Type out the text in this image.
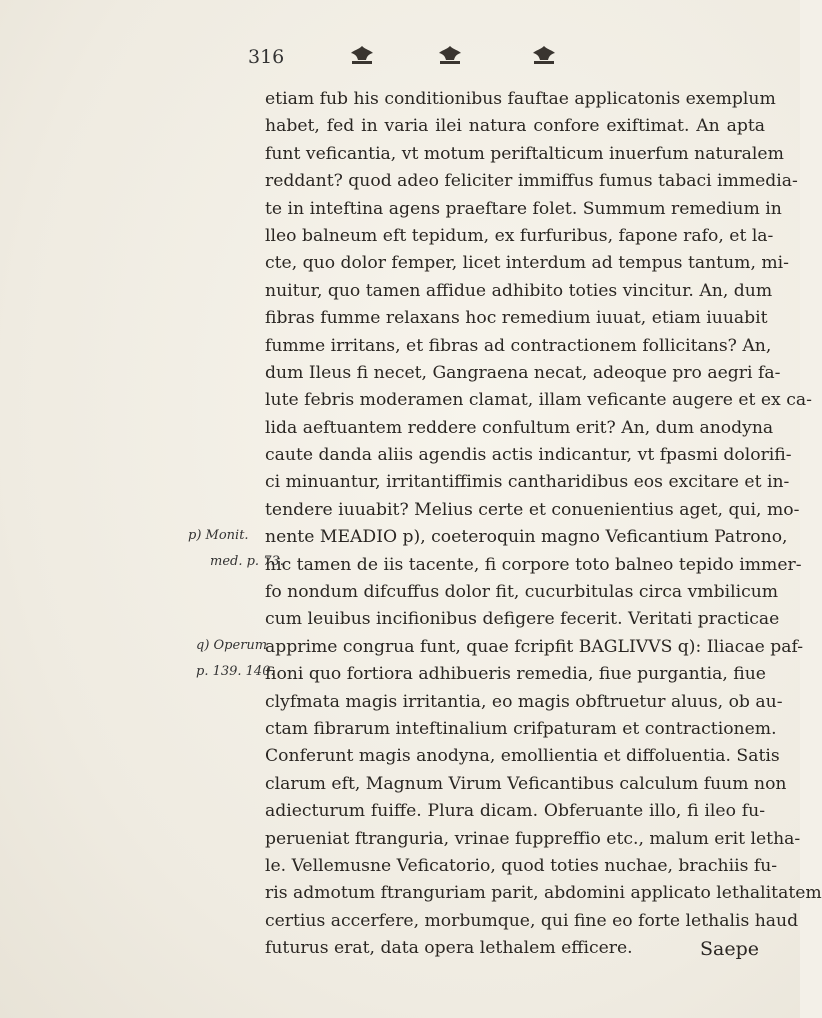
316
etiam fub his conditionibus fauftae applicatonis exemplum
habet, fed in varia ilei natura confore exiftimat. An apta
funt veficantia, vt motum periftalticum inuerfum naturalem
reddant? quod adeo feliciter immiffus fumus tabaci immedia-
te in inteftina agens praeftare folet. Summum remedium in
lleo balneum eft tepidum, ex furfuribus, fapone rafo, et la-
cte, quo dolor femper, licet interdum ad tempus tantum, mi-
nuitur, quo tamen affidue adhibito toties vincitur. An, dum
fibras fumme relaxans hoc remedium iuuat, etiam iuuabit
fumme irritans, et fibras ad contractionem follicitans? An,
dum Ileus fi necet, Gangraena necat, adeoque pro aegri fa-
lute febris moderamen clamat, illam veficante augere et ex ca-
lida aeftuantem reddere confultum erit? An, dum anodyna
caute danda aliis agendis actis indicantur, vt fpasmi dolorifi-
ci minuantur, irritantiffimis cantharidibus eos excitare et in-
tendere iuuabit? Melius certe et conuenientius aget, qui, mo-
nente MEADIO p), coeteroquin magno Veficantium Patrono,
hic tamen de iis tacente, fi corpore toto balneo tepido immer-
fo nondum difcuffus dolor fit, cucurbitulas circa vmbilicum
cum leuibus incifionibus defigere fecerit. Veritati practicae
apprime congrua funt, quae fcripfit BAGLIVVS q): Iliacae paf-
fioni quo fortiora adhibueris remedia, fiue purgantia, fiue
clyfmata magis irritantia, eo magis obftruetur aluus, ob au-
ctam fibrarum inteftinalium crifpaturam et contractionem.
Conferunt magis anodyna, emollientia et diffoluentia. Satis
clarum eft, Magnum Virum Veficantibus calculum fuum non
adiecturum fuiffe. Plura dicam. Obferuante illo, fi ileo fu-
perueniat ftranguria, vrinae fuppreffio etc., malum erit letha-
le. Vellemusne Veficatorio, quod toties nuchae, brachiis fu-
ris admotum ftranguriam parit, abdomini applicato lethalitatem
certius accerfere, morbumque, qui fine eo forte lethalis haud
futurus erat, data opera lethalem efficere.
p) Monit.
med. p. 73.
q) Operum
p. 139. 140.
Saepe
